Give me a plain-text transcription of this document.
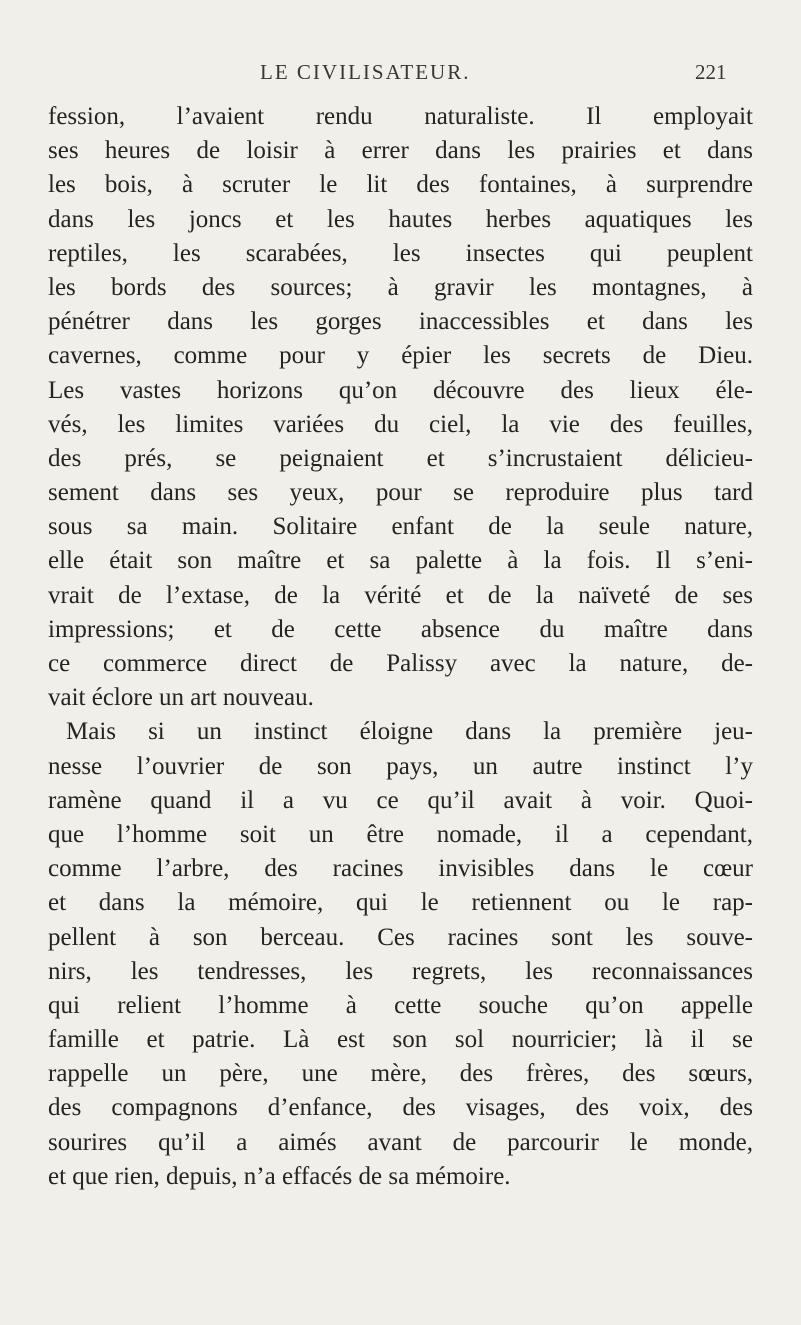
LE CIVILISATEUR.	221
fession, l’avaient rendu naturaliste. Il employait
ses heures de loisir à errer dans les prairies et dans
les bois, à scruter le lit des fontaines, à surprendre
dans les joncs et les hautes herbes aquatiques les
reptiles, les scarabées, les insectes qui peuplent
les bords des sources; à gravir les montagnes, à
pénétrer dans les gorges inaccessibles et dans les
cavernes, comme pour y épier les secrets de Dieu.
Les vastes horizons qu’on découvre des lieux éle-
vés, les limites variées du ciel, la vie des feuilles,
des prés, se peignaient et s’incrustaient délicieu-
sement dans ses yeux, pour se reproduire plus tard
sous sa main. Solitaire enfant de la seule nature,
elle était son maître et sa palette à la fois. Il s’eni-
vrait de l’extase, de la vérité et de la naïveté de ses
impressions; et de cette absence du maître dans
ce commerce direct de Palissy avec la nature, de-
vait éclore un art nouveau.
Mais si un instinct éloigne dans la première jeu-
nesse l’ouvrier de son pays, un autre instinct l’y
ramène quand il a vu ce qu’il avait à voir. Quoi-
que l’homme soit un être nomade, il a cependant,
comme l’arbre, des racines invisibles dans le cœur
et dans la mémoire, qui le retiennent ou le rap-
pellent à son berceau. Ces racines sont les souve-
nirs, les tendresses, les regrets, les reconnaissances
qui relient l’homme à cette souche qu’on appelle
famille et patrie. Là est son sol nourricier; là il se
rappelle un père, une mère, des frères, des sœurs,
des compagnons d’enfance, des visages, des voix, des
sourires qu’il a aimés avant de parcourir le monde,
et que rien, depuis, n’a effacés de sa mémoire.
